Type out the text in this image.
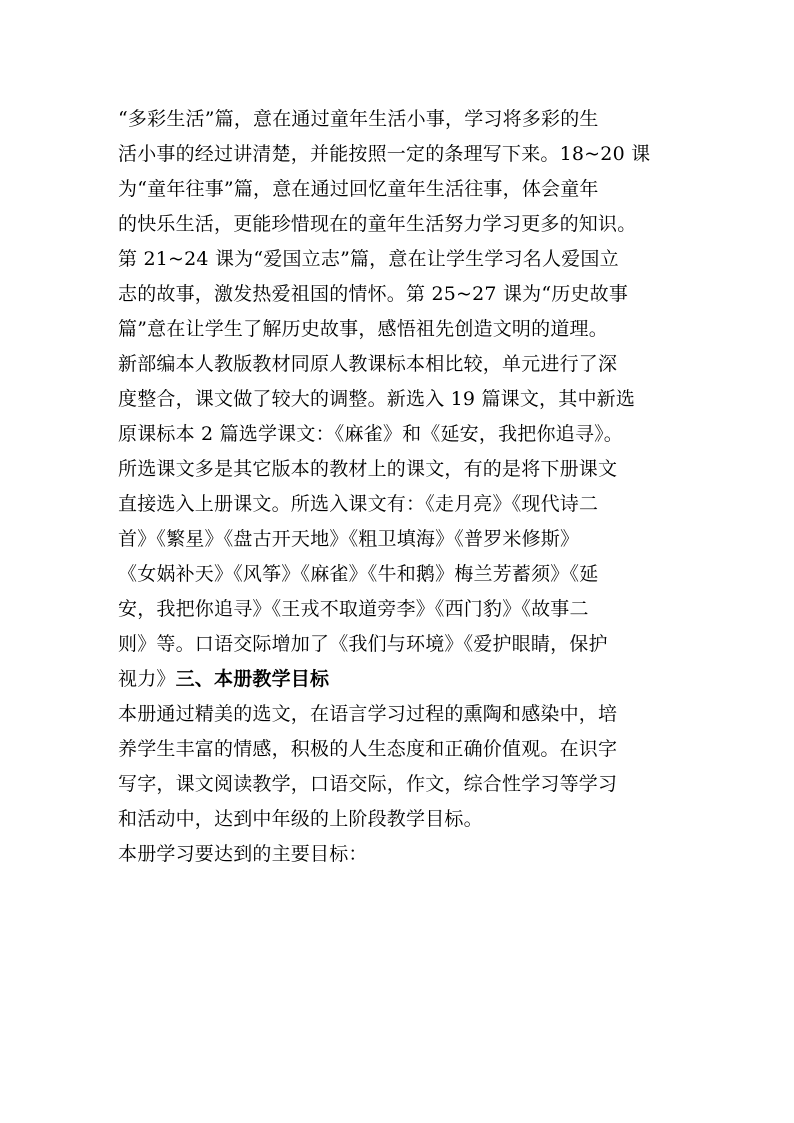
“多彩生活”篇，意在通过童年生活小事，学习将多彩的生
活小事的经过讲清楚，并能按照一定的条理写下来。18~20 课
为“童年往事”篇，意在通过回忆童年生活往事，体会童年
的快乐生活，更能珍惜现在的童年生活努力学习更多的知识。
第 21~24 课为“爱国立志”篇，意在让学生学习名人爱国立
志的故事，激发热爱祖国的情怀。第 25~27 课为“历史故事
篇”意在让学生了解历史故事，感悟祖先创造文明的道理。
新部编本人教版教材同原人教课标本相比较，单元进行了深
度整合，课文做了较大的调整。新选入 19 篇课文，其中新选
原课标本 2 篇选学课文：《麻雀》和《延安，我把你追寻》。
所选课文多是其它版本的教材上的课文，有的是将下册课文
直接选入上册课文。所选入课文有：《走月亮》《现代诗二
首》《繁星》《盘古开天地》《粗卫填海》《普罗米修斯》
《女娲补天》《风筝》《麻雀》《牛和鹅》梅兰芳蓄须》《延
安，我把你追寻》《王戎不取道旁李》《西门豹》《故事二
则》等。口语交际增加了《我们与环境》《爱护眼睛，保护
视力》三、本册教学目标
本册通过精美的选文，在语言学习过程的熏陶和感染中，培
养学生丰富的情感，积极的人生态度和正确价值观。在识字
写字，课文阅读教学，口语交际，作文，综合性学习等学习
和活动中，达到中年级的上阶段教学目标。
本册学习要达到的主要目标：
